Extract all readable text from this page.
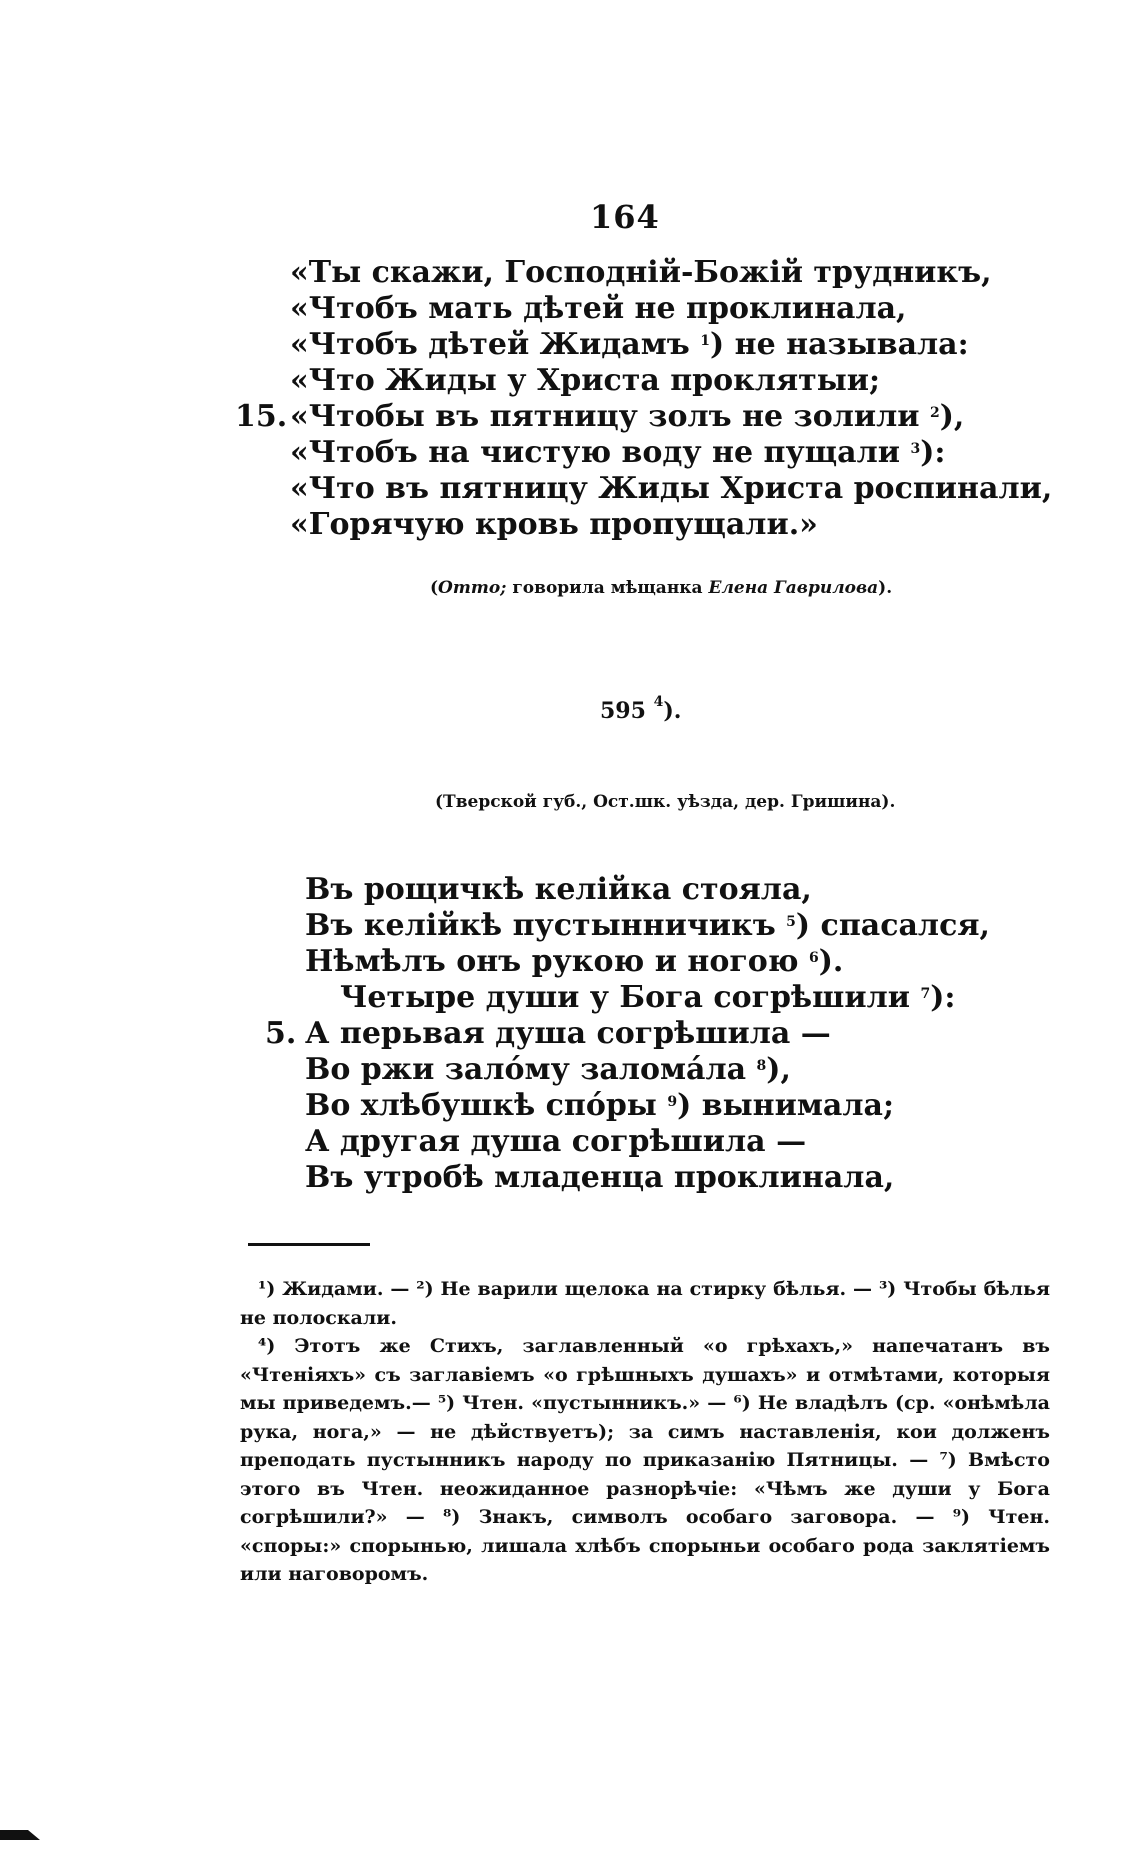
164
«Ты скажи, Господній-Божій трудникъ,
«Чтобъ мать дѣтей не проклинала,
«Чтобъ дѣтей Жидамъ $^1$) не называла:
«Что Жиды у Христа проклятыи;
15. «Чтобы въ пятницу золъ не золили $^2$),
«Чтобъ на чистую воду не пущали $^3$):
«Что въ пятницу Жиды Христа роспинали,
«Горячую кровь пропущали.»
(Отто; говорила мѣщанка Елена Гаврилова).
595 $^4$).
(Тверской губ., Ост.шк. уѣзда, дер. Гришина).
Въ рощичкѣ келійка стояла,
Въ келійкѣ пустынничикъ $^5$) спасался,
Нѣмѣлъ онъ рукою и ногою $^6$).
Четыре души у Бога согрѣшили $^7$):
5. А перьвая душа согрѣшила —
Во ржи залóму заломáла $^8$),
Во хлѣбушкѣ спóры $^9$) вынимала;
А другая душа согрѣшила —
Въ утробѣ младенца проклинала,

¹) Жидами. — ²) Не варили щелока на стирку бѣлья. — ³) Чтобы бѣлья не полоскали.

⁴) Этотъ же Стихъ, заглавленный «о грѣхахъ,» напечатанъ въ «Чтеніяхъ» съ заглавіемъ «о грѣшныхъ душахъ» и отмѣтами, которыя мы приведемъ.— ⁵) Чтен. «пустынникъ.» — ⁶) Не владѣлъ (ср. «онѣмѣла рука, нога,» — не дѣйствуетъ); за симъ наставленія, кои долженъ преподать пустынникъ народу по приказанію Пятницы. — ⁷) Вмѣсто этого въ Чтен. неожиданное разнорѣчіе: «Чѣмъ же души у Бога согрѣшили?» — ⁸) Знакъ, символъ особаго заговора. — ⁹) Чтен. «споры:» спорынью, лишала хлѣбъ спорыньи особаго рода заклятіемъ или наговоромъ.
